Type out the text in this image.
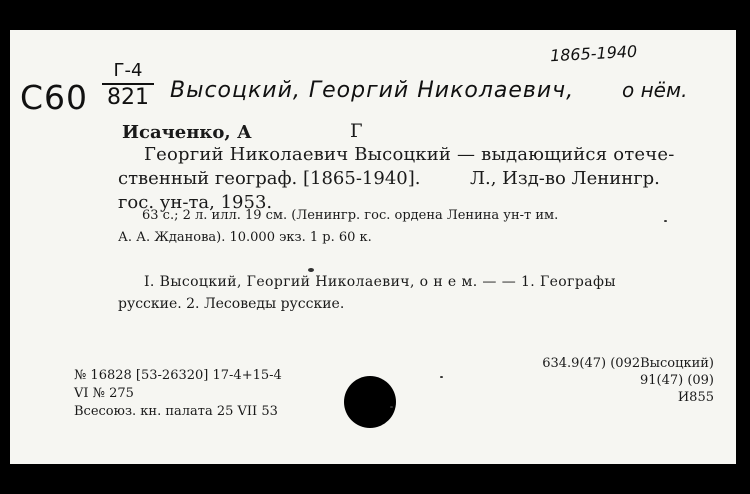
1865-1940
С60
Г-4
821 Высоцкий, Георгий Николаевич, о нём.
Исаченко, А	Г
Георгий Николаевич Высоцкий — выдающийся отече-
ственный географ. [1865-1940].	Л., Изд-во Ленингр.
гос. ун-та, 1953.
63 с.; 2 л. илл. 19 см. (Ленингр. гос. ордена Ленина ун-т им.
А. А. Жданова). 10.000 экз. 1 р. 60 к.
I. Высоцкий, Георгий Николаевич, о н е м. — — 1. Географы
русские. 2. Лесоведы русские.
№ 16828 [53-26320] 17-4+15-4
VI № 275
Всесоюз. кн. палата 25 VII 53
634.9(47) (092Высоцкий)
91(47) (09)
И855
